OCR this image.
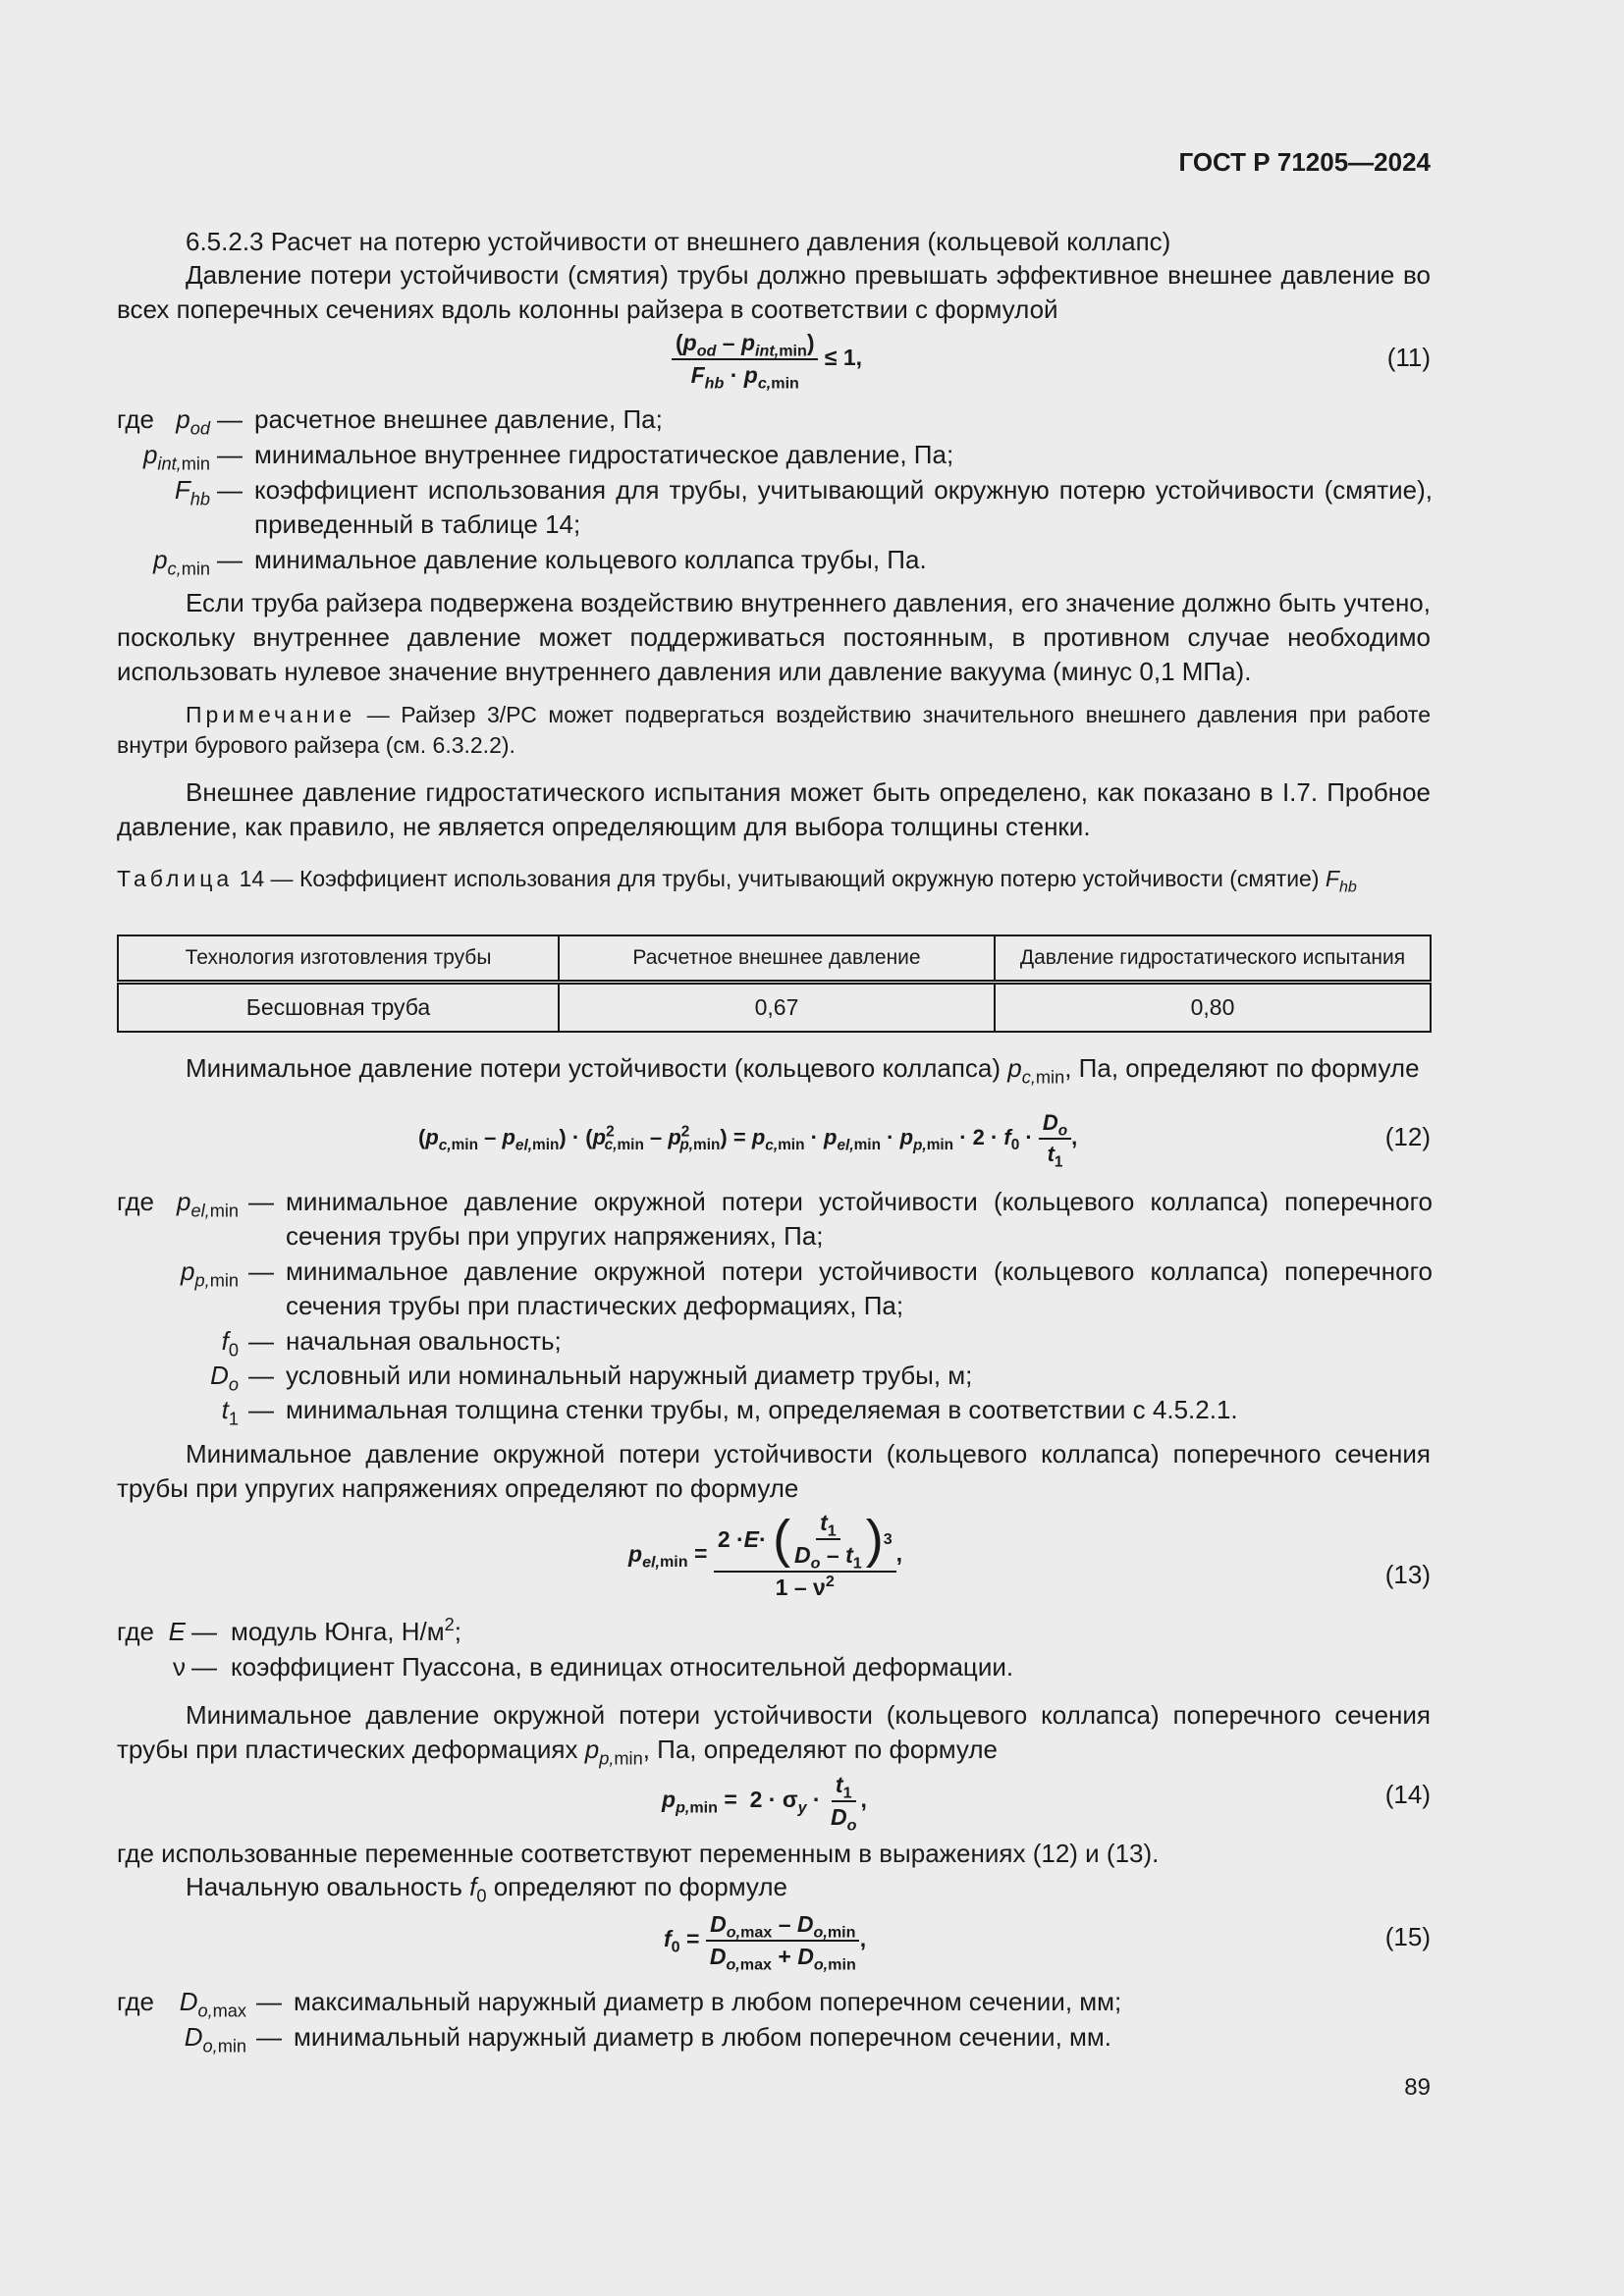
ГОСТ Р 71205—2024
6.5.2.3 Расчет на потерю устойчивости от внешнего давления (кольцевой коллапс)
Давление потери устойчивости (смятия) трубы должно превышать эффективное внешнее давление во всех поперечных сечениях вдоль колонны райзера в соответствии с формулой
$\frac{(p_{od} - p_{int,min})}{F_{hb} \cdot p_{c,min}} \le 1$,	(11)
где $p_{od}$ — расчетное внешнее давление, Па;
$p_{int,min}$ — минимальное внутреннее гидростатическое давление, Па;
$F_{hb}$ — коэффициент использования для трубы, учитывающий окружную потерю устойчивости (смятие), приведенный в таблице 14;
$p_{c,min}$ — минимальное давление кольцевого коллапса трубы, Па.
Если труба райзера подвержена воздействию внутреннего давления, его значение должно быть учтено, поскольку внутреннее давление может поддерживаться постоянным, в противном случае необходимо использовать нулевое значение внутреннего давления или давление вакуума (минус 0,1 МПа).
Примечание — Райзер 3/РС может подвергаться воздействию значительного внешнего давления при работе внутри бурового райзера (см. 6.3.2.2).
Внешнее давление гидростатического испытания может быть определено, как показано в I.7. Пробное давление, как правило, не является определяющим для выбора толщины стенки.
Таблица 14 — Коэффициент использования для трубы, учитывающий окружную потерю устойчивости (смятие) $F_{hb}$
Технология изготовления трубы	Расчетное внешнее давление	Давление гидростатического испытания
Бесшовная труба	0,67	0,80
Минимальное давление потери устойчивости (кольцевого коллапса) $p_{c,min}$, Па, определяют по формуле
$(p_{c,min} - p_{el,min}) \cdot (p^2_{c,min} - p^2_{p,min}) = p_{c,min} \cdot p_{el,min} \cdot p_{p,min} \cdot 2 \cdot f_0 \cdot \frac{D_o}{t_1}$ ,	(12)
где $p_{el,min}$ — минимальное давление окружной потери устойчивости (кольцевого коллапса) поперечного сечения трубы при упругих напряжениях, Па;
$p_{p,min}$ — минимальное давление окружной потери устойчивости (кольцевого коллапса) поперечного сечения трубы при пластических деформациях, Па;
$f_0$ — начальная овальность;
$D_o$ — условный или номинальный наружный диаметр трубы, м;
$t_1$ — минимальная толщина стенки трубы, м, определяемая в соответствии с 4.5.2.1.
Минимальное давление окружной потери устойчивости (кольцевого коллапса) поперечного сечения трубы при упругих напряжениях определяют по формуле
$p_{el,min} = \frac{2 \cdot E \cdot ( \frac{t_1}{D_o - t_1} ) 3}{1 - \nu^2}$ ,
(13)
где E — модуль Юнга, $Н/м^2$;
ν — коэффициент Пуассона, в единицах относительной деформации.
Минимальное давление окружной потери устойчивости (кольцевого коллапса) поперечного сечения трубы при пластических деформациях $p_{p,min}$, Па, определяют по формуле
$p_{p,min} = 2 \cdot \sigma_y \cdot \frac{t_1}{D_o}$ ,	(14)
где использованные переменные соответствуют переменным в выражениях (12) и (13).
Начальную овальность $f_0$ определяют по формуле
$f_0 = \frac{D_{o,max} - D_{o,min}}{D_{o,max} + D_{o,min}}$ ,	(15)
где $D_{o,max}$ — максимальный наружный диаметр в любом поперечном сечении, мм;
$D_{o,min}$ — минимальный наружный диаметр в любом поперечном сечении, мм.
89
